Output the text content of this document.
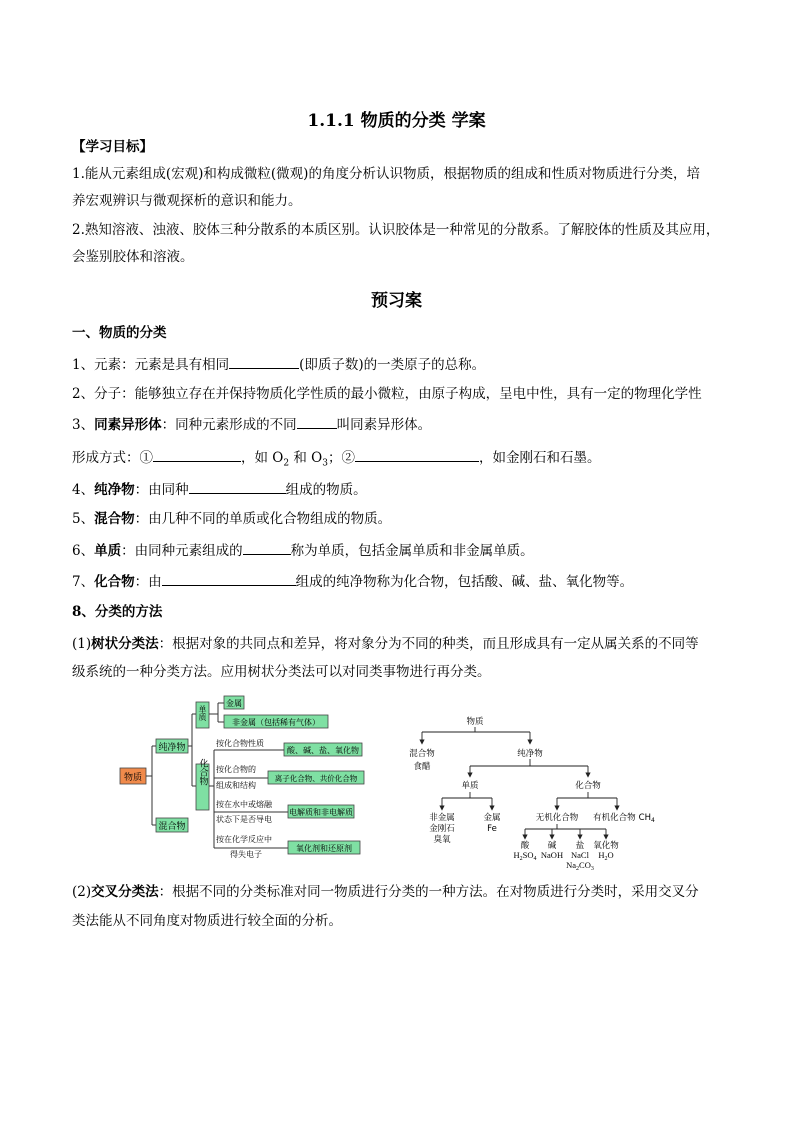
1.1.1 物质的分类 学案
【学习目标】
1.能从元素组成(宏观)和构成微粒(微观)的角度分析认识物质，根据物质的组成和性质对物质进行分类，培
养宏观辨识与微观探析的意识和能力。
2.熟知溶液、浊液、胶体三种分散系的本质区别。认识胶体是一种常见的分散系。了解胶体的性质及其应用，
会鉴别胶体和溶液。
预习案
一、物质的分类
1、元素：元素是具有相同	(即质子数)的一类原子的总称。
2、分子：能够独立存在并保持物质化学性质的最小微粒，由原子构成，呈电中性，具有一定的物理化学性
3、同素异形体：同种元素形成的不同	叫同素异形体。
形成方式：①	，如 $O_2$ 和 $O_3$；②	，如金刚石和石墨。
4、纯净物：由同种	组成的物质。
5、混合物：由几种不同的单质或化合物组成的物质。
6、单质：由同种元素组成的	称为单质，包括金属单质和非金属单质。
7、化合物：由	组成的纯净物称为化合物，包括酸、碱、盐、氧化物等。
8、分类的方法
(1)树状分类法：根据对象的共同点和差异，将对象分为不同的种类，而且形成具有一定从属关系的不同等
级系统的一种分类方法。应用树状分类法可以对同类事物进行再分类。
物质
纯净物
混合物
单质
化合物
金属
非金属（包括稀有气体）
按化合物性质
酸、碱、盐、氧化物
按化合物的
组成和结构
离子化合物、共价化合物
按在水中或熔融
状态下是否导电
电解质和非电解质
按在化学反应中
得失电子
氧化剂和还原剂
物质
混合物
食醋
纯净物
单质	化合物
非金属
金刚石
臭氧
金属
Fe
无机化合物 有机化合物 $CH_4$
酸 碱 盐 氧化物
$H_2SO_4$ NaOH NaCl
$Na_2CO_3$
$H_2O$
(2)交叉分类法：根据不同的分类标准对同一物质进行分类的一种方法。在对物质进行分类时，采用交叉分
类法能从不同角度对物质进行较全面的分析。
